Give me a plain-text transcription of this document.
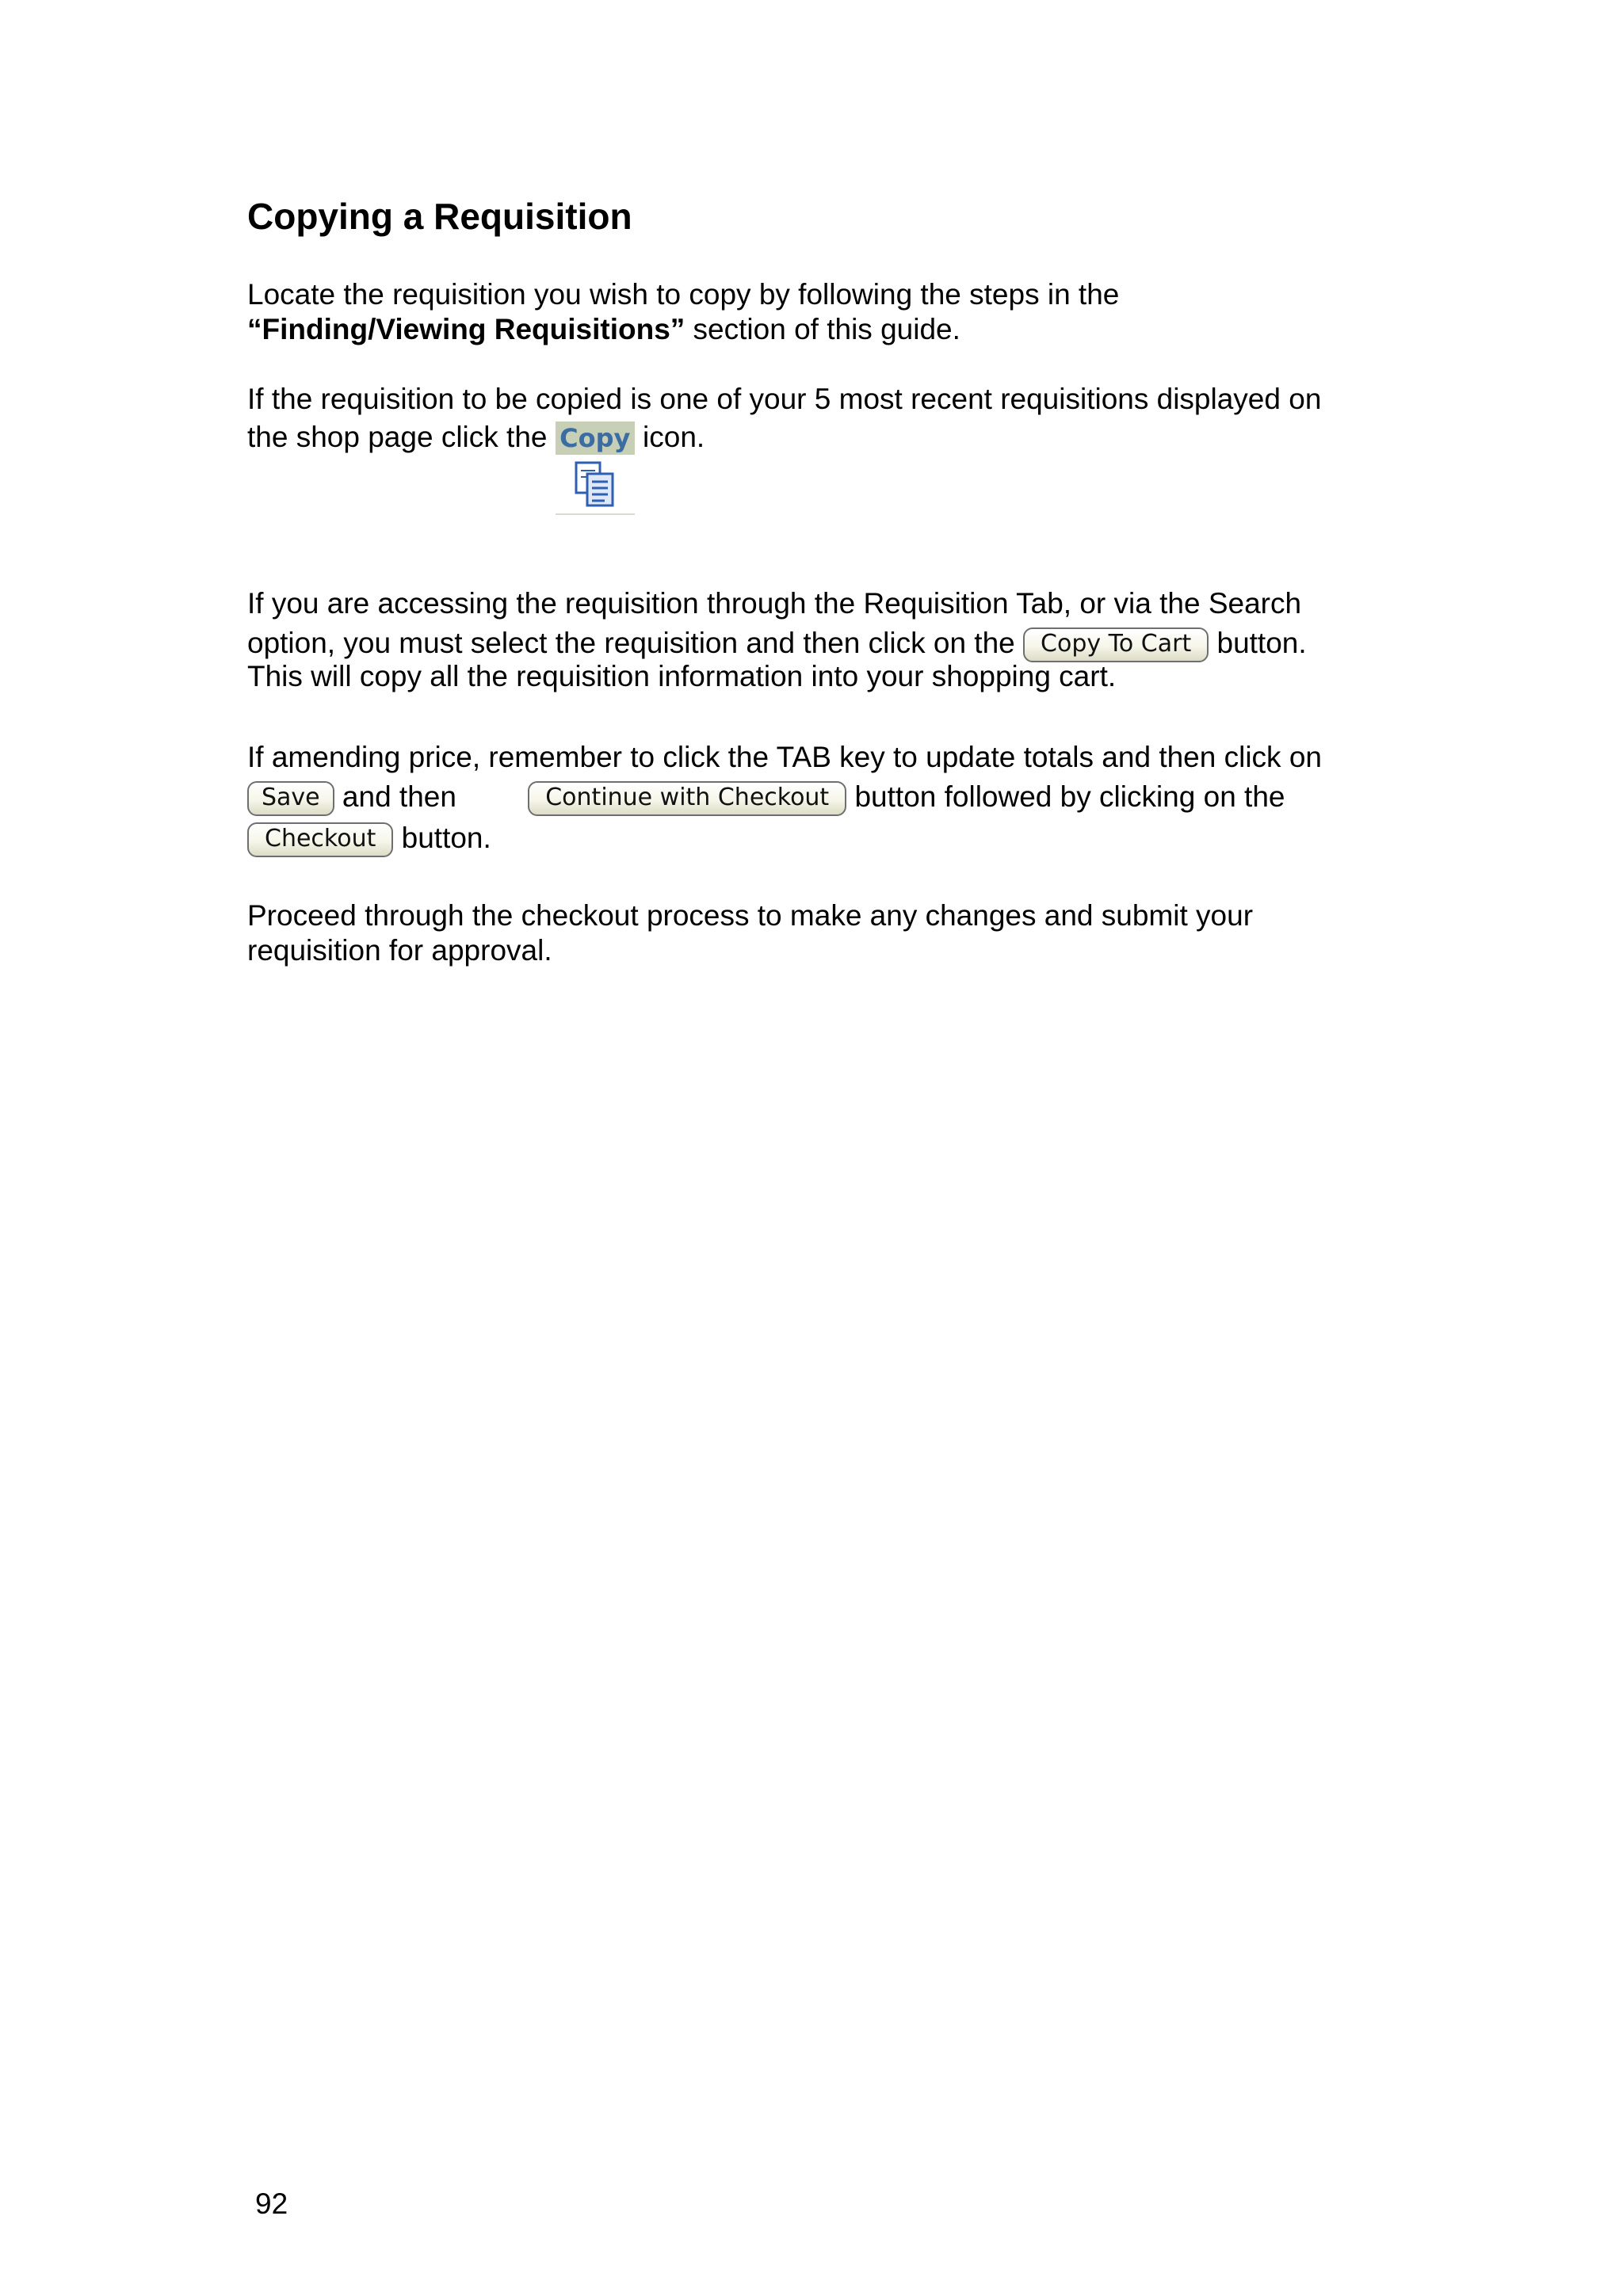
Copying a Requisition
Locate the requisition you wish to copy by following the steps in the
“Finding/Viewing Requisitions” section of this guide.
If the requisition to be copied is one of your 5 most recent requisitions displayed on
the shop page click the Copy icon.
If you are accessing the requisition through the Requisition Tab, or via the Search
option, you must select the requisition and then click on the Copy To Cart button.
This will copy all the requisition information into your shopping cart.
If amending price, remember to click the TAB key to update totals and then click on
Save and then	Continue with Checkout button followed by clicking on the
Checkout button.
Proceed through the checkout process to make any changes and submit your
requisition for approval.
92
